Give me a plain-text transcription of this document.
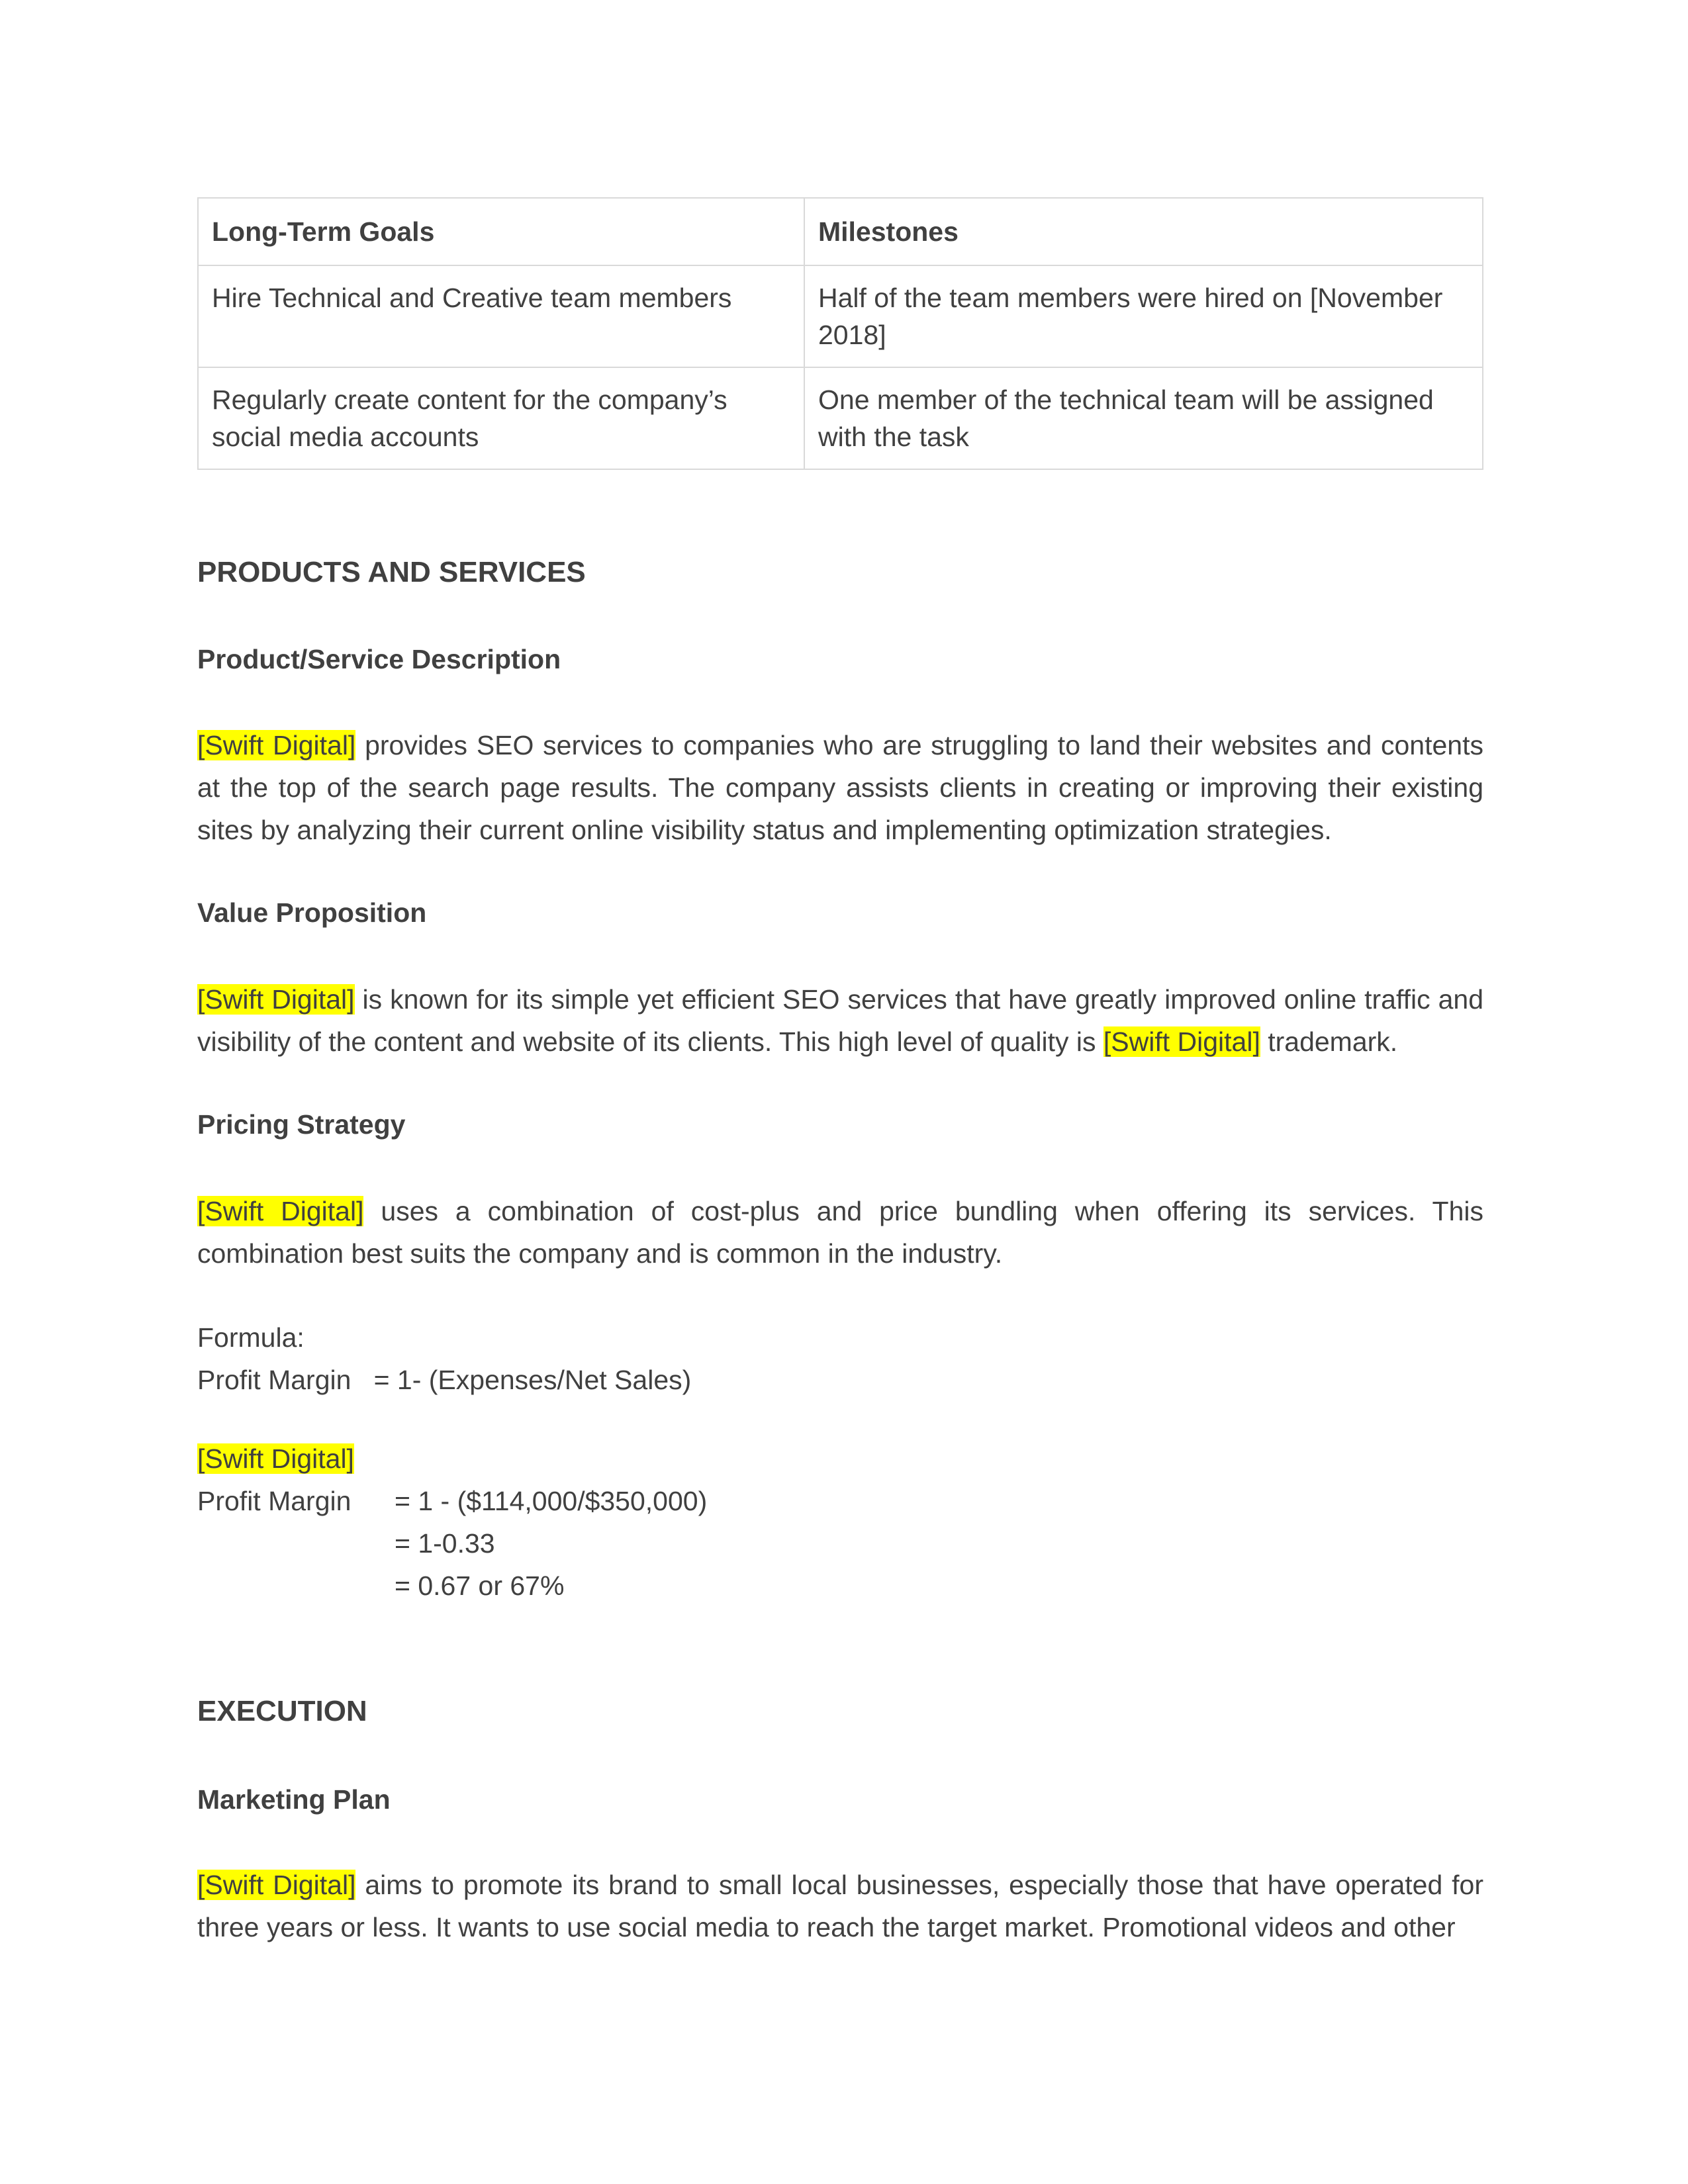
Long-Term Goals	Milestones
Hire Technical and Creative team members	Half of the team members were hired on [November 2018]
Regularly create content for the company’s social media accounts	One member of the technical team will be assigned with the task
PRODUCTS AND SERVICES
Product/Service Description
[Swift Digital] provides SEO services to companies who are struggling to land their websites and contents at the top of the search page results. The company assists clients in creating or improving their existing sites by analyzing their current online visibility status and implementing optimization strategies.
Value Proposition
[Swift Digital] is known for its simple yet efficient SEO services that have greatly improved online traffic and visibility of the content and website of its clients. This high level of quality is [Swift Digital] trademark.
Pricing Strategy
[Swift Digital] uses a combination of cost-plus and price bundling when offering its services. This combination best suits the company and is common in the industry.
Formula:
Profit Margin   = 1- (Expenses/Net Sales)
[Swift Digital]
Profit Margin = 1 - ($114,000/$350,000)
= 1-0.33
= 0.67 or 67%
EXECUTION
Marketing Plan
[Swift Digital] aims to promote its brand to small local businesses, especially those that have operated for three years or less. It wants to use social media to reach the target market. Promotional videos and other
